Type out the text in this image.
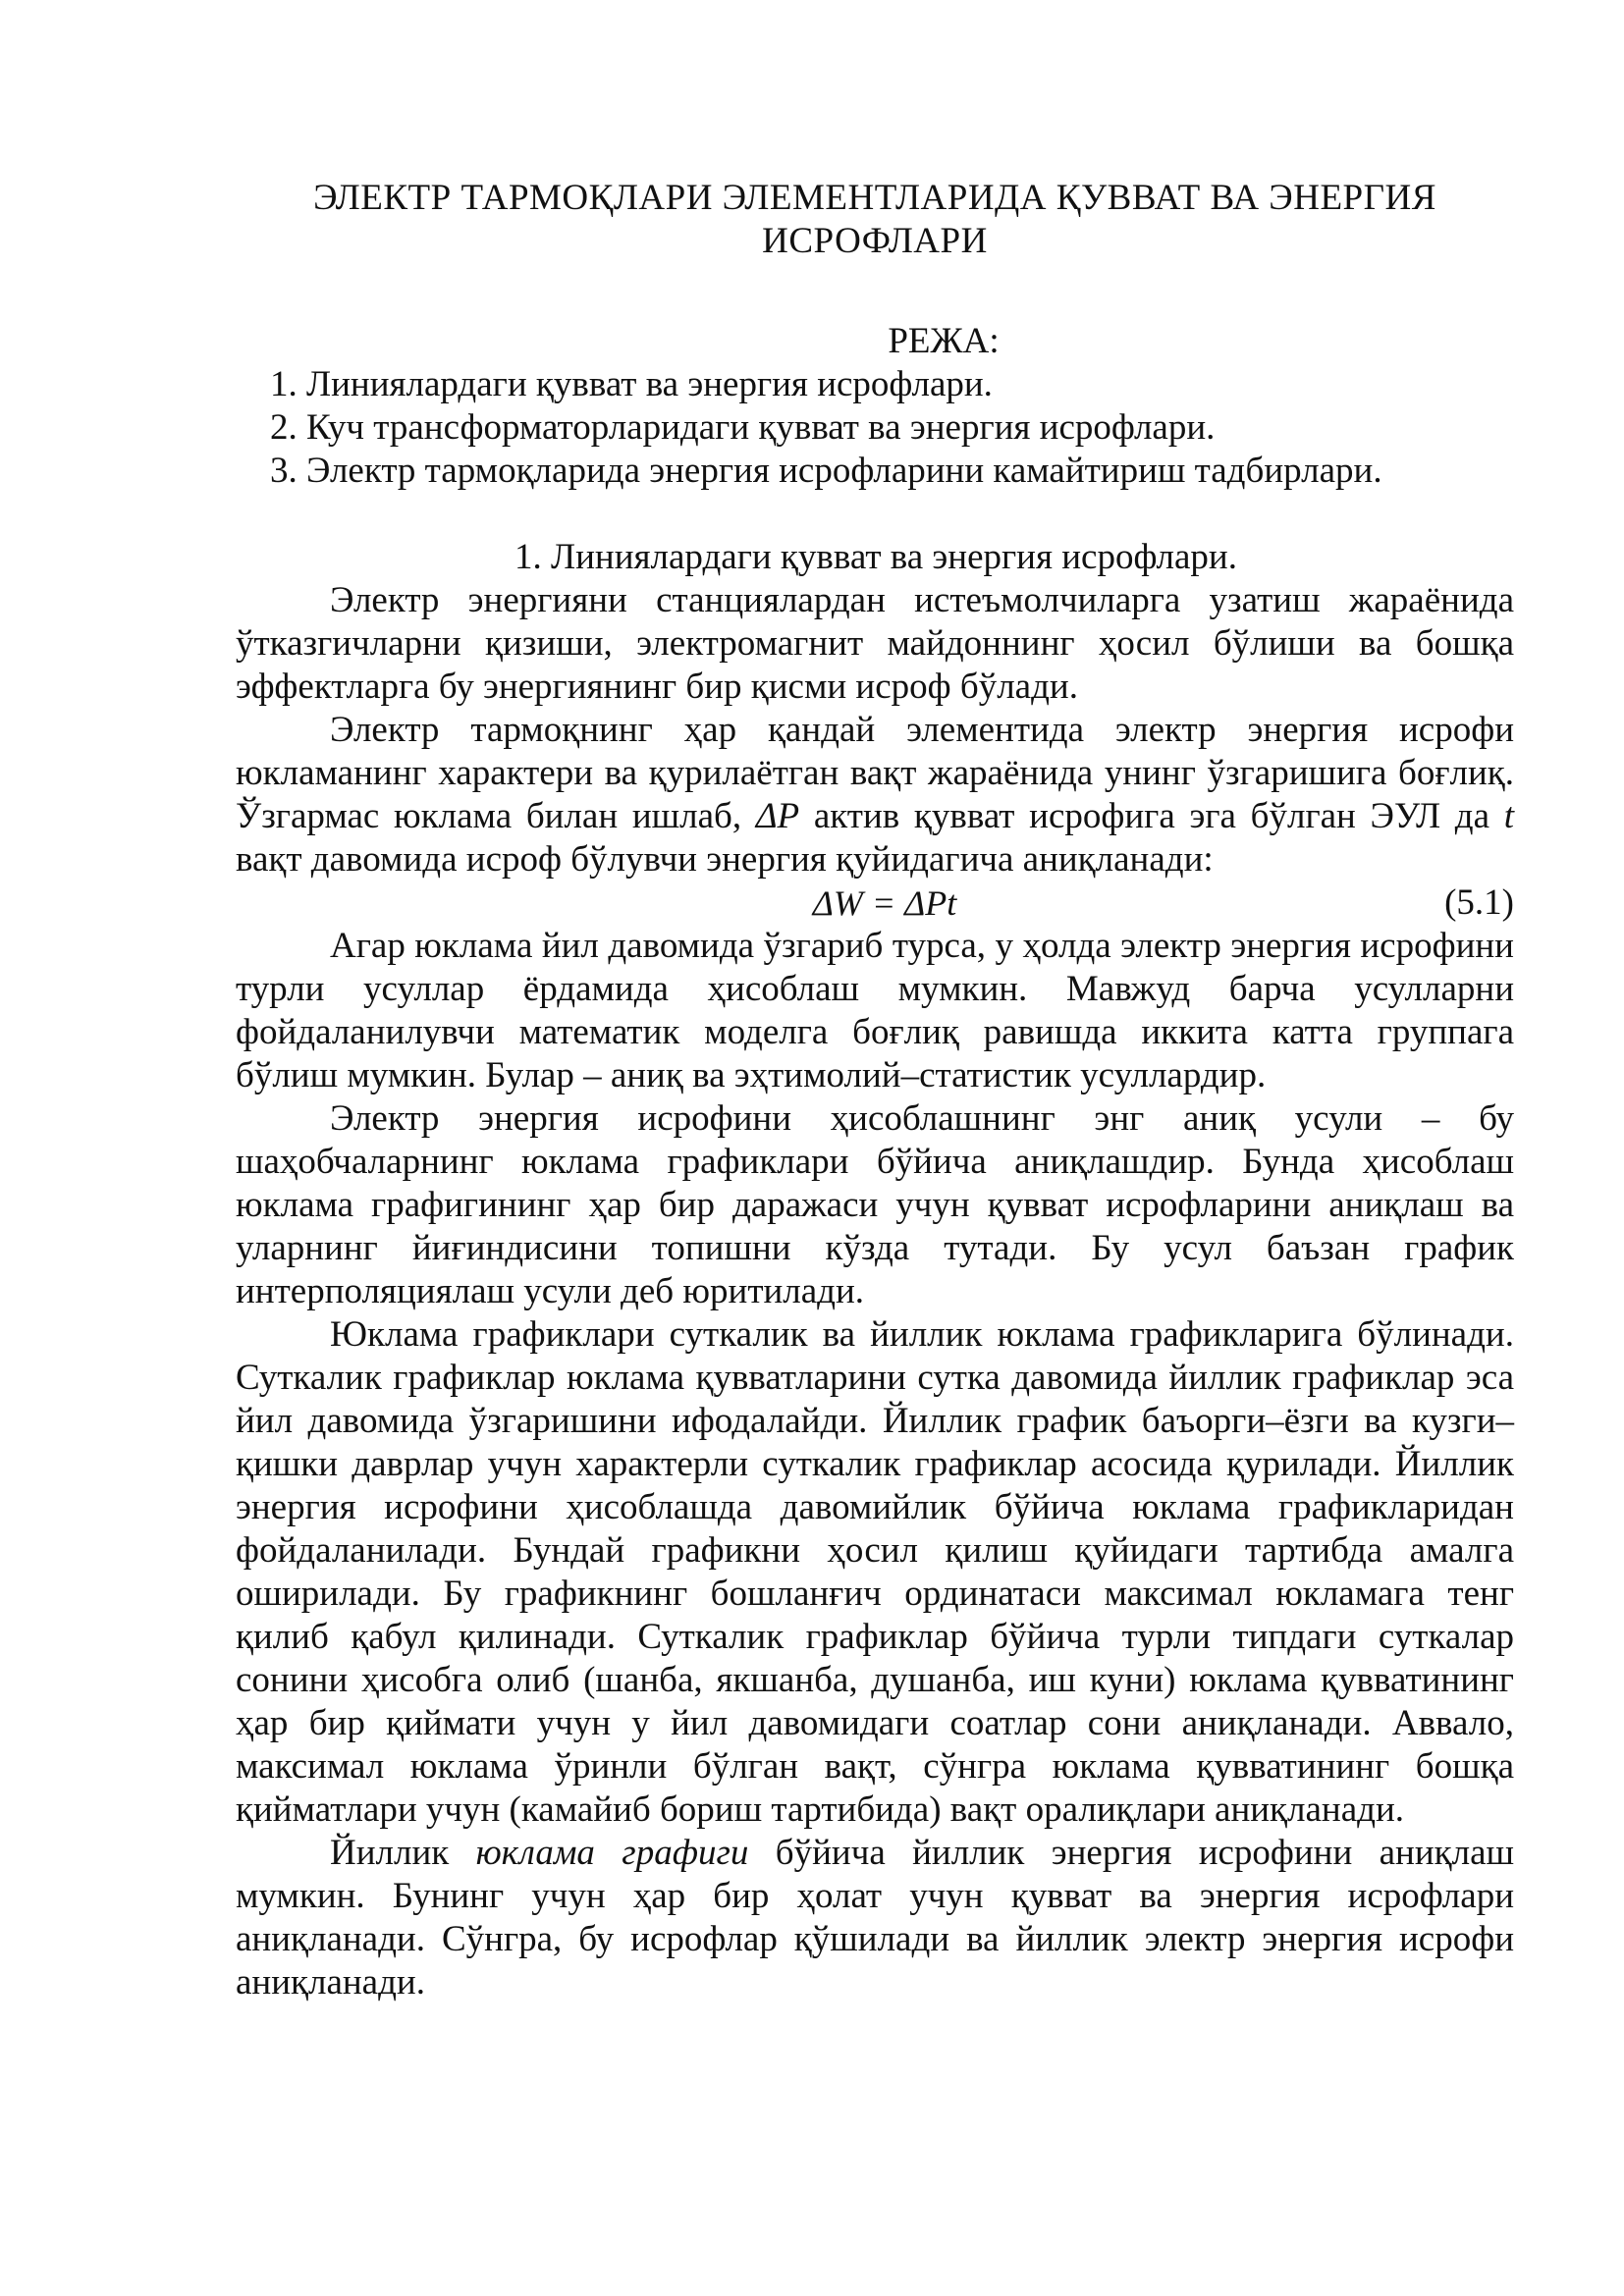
ЭЛЕКТР ТАРМОҚЛАРИ ЭЛЕМЕНТЛАРИДА ҚУВВАТ ВА ЭНЕРГИЯ
ИСРОФЛАРИ
РЕЖА:
1. Линиялардаги қувват ва энергия исрофлари.
2. Куч трансформаторларидаги қувват ва энергия исрофлари.
3. Электр тармоқларида энергия исрофларини камайтириш тадбирлари.
1. Линиялардаги қувват ва энергия исрофлари.

Электр энергияни станциялардан истеъмолчиларга узатиш жараёнида ўтказгичларни қизиши, электромагнит майдоннинг ҳосил бўлиши ва бошқа эффектларга бу энергиянинг бир қисми исроф бўлади.

Электр тармоқнинг ҳар қандай элементида электр энергия исрофи юкламанинг характери ва қурилаётган вақт жараёнида унинг ўзгаришига боғлиқ. Ўзгармас юклама билан ишлаб, ΔP актив қувват исрофига эга бўлган ЭУЛ да t вақт давомида исроф бўлувчи энергия қуйидагича аниқланади:

ΔW = ΔPt	(5.1)

Агар юклама йил давомида ўзгариб турса, у ҳолда электр энергия исрофини турли усуллар ёрдамида ҳисоблаш мумкин. Мавжуд барча усулларни фойдаланилувчи математик моделга боғлиқ равишда иккита катта группага бўлиш мумкин. Булар – аниқ ва эҳтимолий–статистик усуллардир.

Электр энергия исрофини ҳисоблашнинг энг аниқ усули – бу шаҳобчаларнинг юклама графиклари бўйича аниқлашдир. Бунда ҳисоблаш юклама графигининг ҳар бир даражаси учун қувват исрофларини аниқлаш ва уларнинг йиғиндисини топишни кўзда тутади. Бу усул баъзан график интерполяциялаш усули деб юритилади.

Юклама графиклари суткалик ва йиллик юклама графикларига бўлинади. Суткалик графиклар юклама қувватларини сутка давомида йиллик графиклар эса йил давомида ўзгаришини ифодалайди. Йиллик график баъорги–ёзги ва кузги–қишки даврлар учун характерли суткалик графиклар асосида қурилади. Йиллик энергия исрофини ҳисоблашда давомийлик бўйича юклама графикларидан фойдаланилади. Бундай графикни ҳосил қилиш қуйидаги тартибда амалга оширилади. Бу графикнинг бошланғич ординатаси максимал юкламага тенг қилиб қабул қилинади. Суткалик графиклар бўйича турли типдаги суткалар сонини ҳисобга олиб (шанба, якшанба, душанба, иш куни) юклама қувватининг ҳар бир қиймати учун у йил давомидаги соатлар сони аниқланади. Аввало, максимал юклама ўринли бўлган вақт, сўнгра юклама қувватининг бошқа қийматлари учун (камайиб бориш тартибида) вақт оралиқлари аниқланади.

Йиллик юклама графиги бўйича йиллик энергия исрофини аниқлаш мумкин. Бунинг учун ҳар бир ҳолат учун қувват ва энергия исрофлари аниқланади. Сўнгра, бу исрофлар қўшилади ва йиллик электр энергия исрофи аниқланади.
